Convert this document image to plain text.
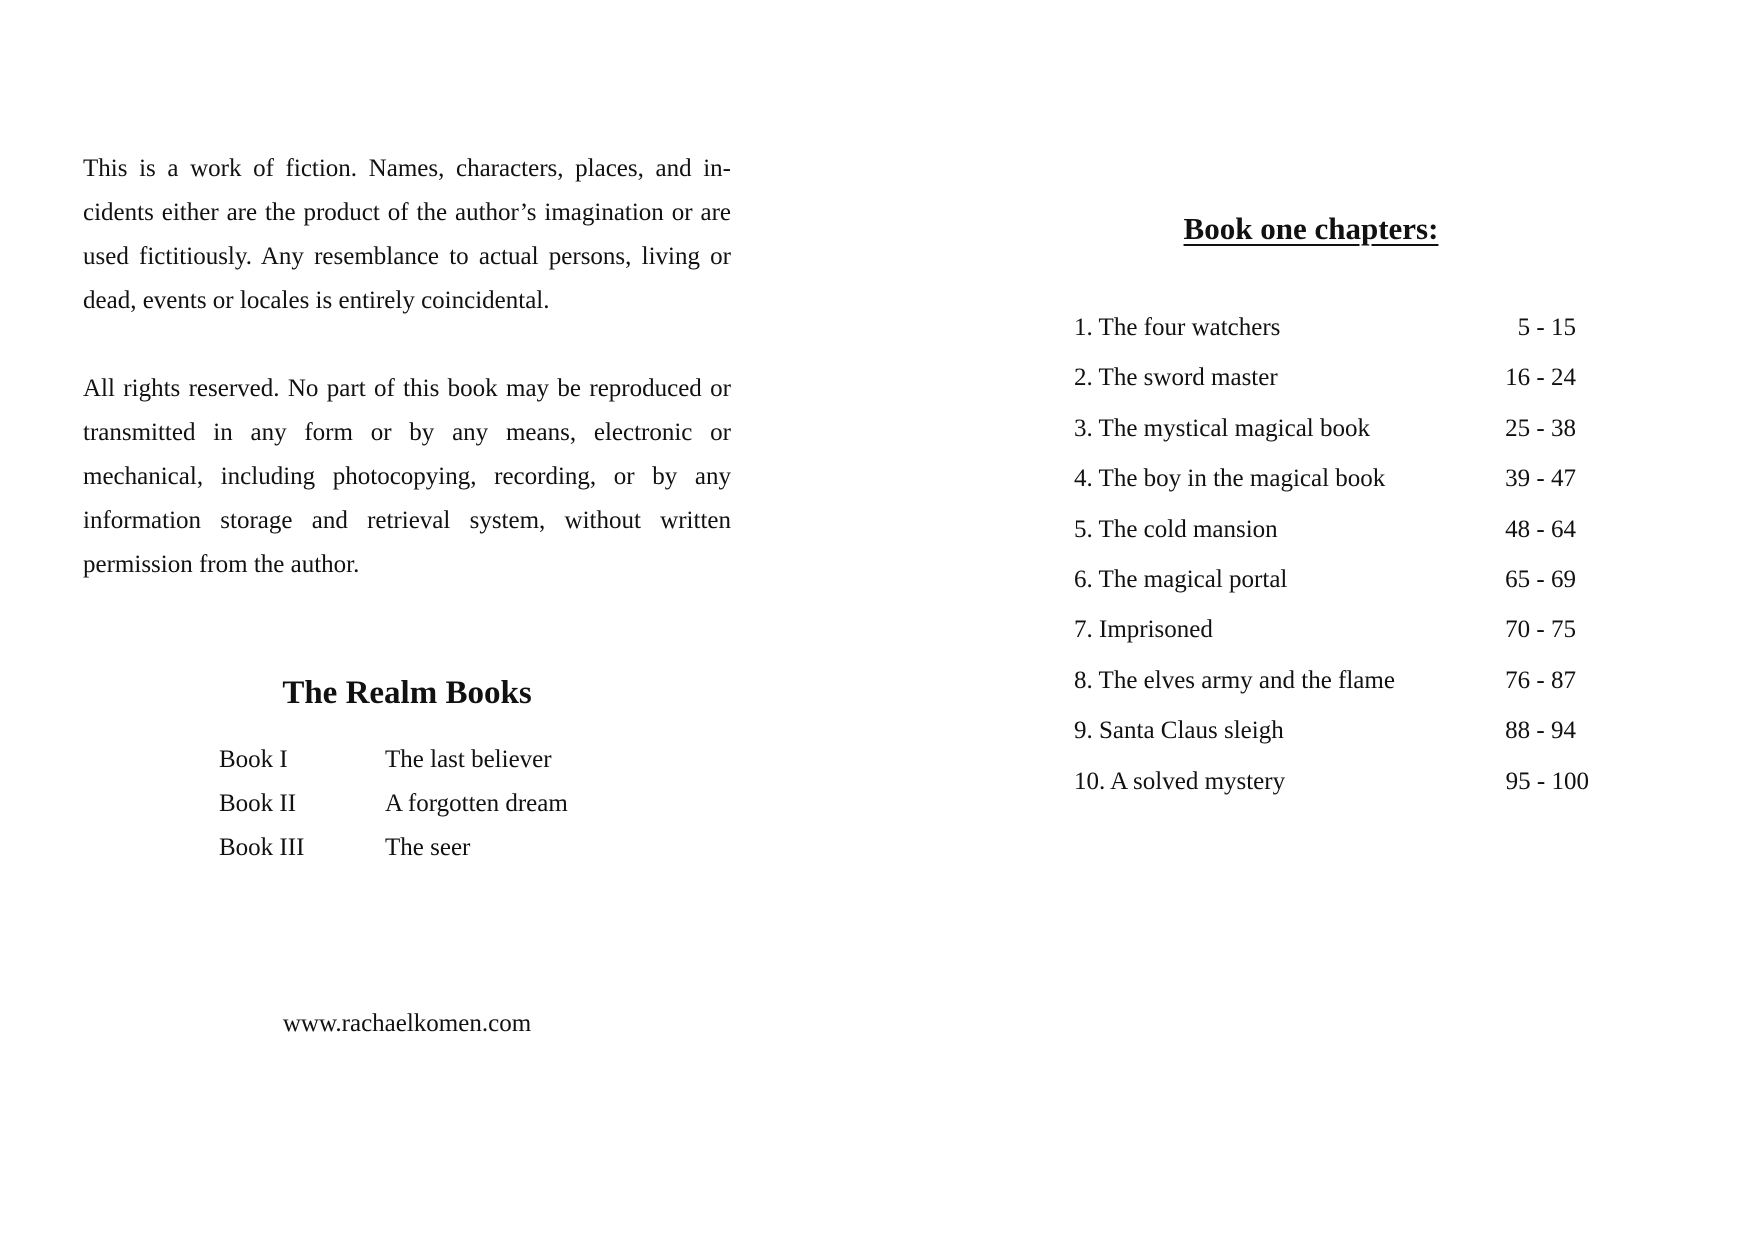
This is a work of fiction. Names, characters, places, and incidents either are the product of the author’s imagination or are used fictitiously. Any resemblance to actual persons, living or dead, events or locales is entirely coincidental.

All rights reserved. No part of this book may be reproduced or transmitted in any form or by any means, electronic or mechanical, including photocopying, recording, or by any information storage and retrieval system, without written permission from the author.

The Realm Books
Book I	The last believer
Book II	A forgotten dream
Book III	The seer
www.rachaelkomen.com
Book one chapters:
1. The four watchers	5 - 15
2. The sword master	16 - 24
3. The mystical magical book	25 - 38
4. The boy in the magical book	39 - 47
5. The cold mansion	48 - 64
6. The magical portal	65 - 69
7. Imprisoned	70 - 75
8. The elves army and the flame	76 - 87
9. Santa Claus sleigh	88 - 94
10. A solved mystery	95 - 100
